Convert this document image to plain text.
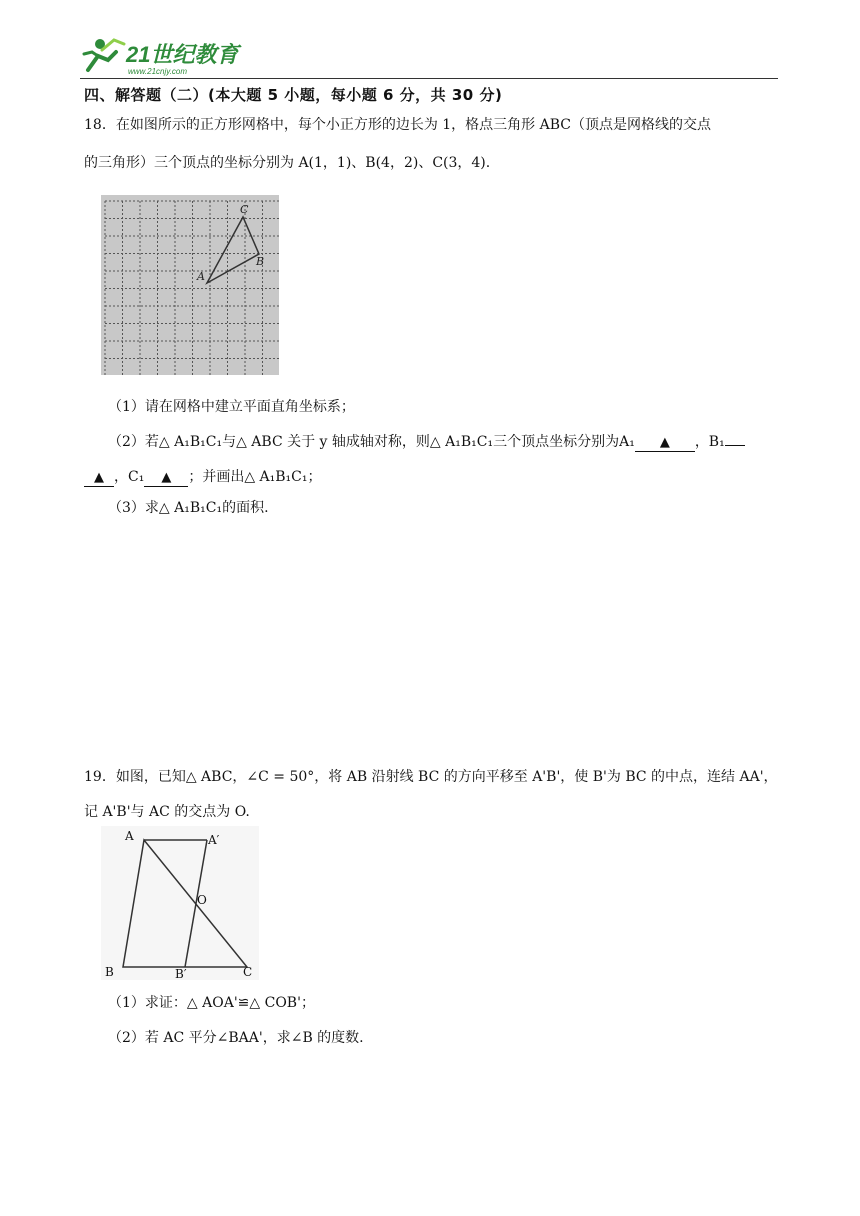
21世纪教育
www.21cnjy.com
四、解答题（二）(本大题 5 小题，每小题 6 分，共 30 分)
18．在如图所示的正方形网格中，每个小正方形的边长为 1，格点三角形 ABC（顶点是网格线的交点
的三角形）三个顶点的坐标分别为 A(1，1)、B(4，2)、C(3，4).
A
B
C
（1）请在网格中建立平面直角坐标系；
（2）若△ A₁B₁C₁与△ ABC 关于 y 轴成轴对称，则△ A₁B₁C₁三个顶点坐标分别为A₁ ▲ ，B₁
▲ ，C₁ ▲ ；并画出△ A₁B₁C₁；
（3）求△ A₁B₁C₁的面积.
19．如图，已知△ ABC，∠C = 50°，将 AB 沿射线 BC 的方向平移至 A'B'，使 B'为 BC 的中点，连结 AA'，
记 A'B'与 AC 的交点为 O.
A	A′
O
B	B′	C
（1）求证：△ AOA'≌△ COB'；
（2）若 AC 平分∠BAA'，求∠B 的度数.
